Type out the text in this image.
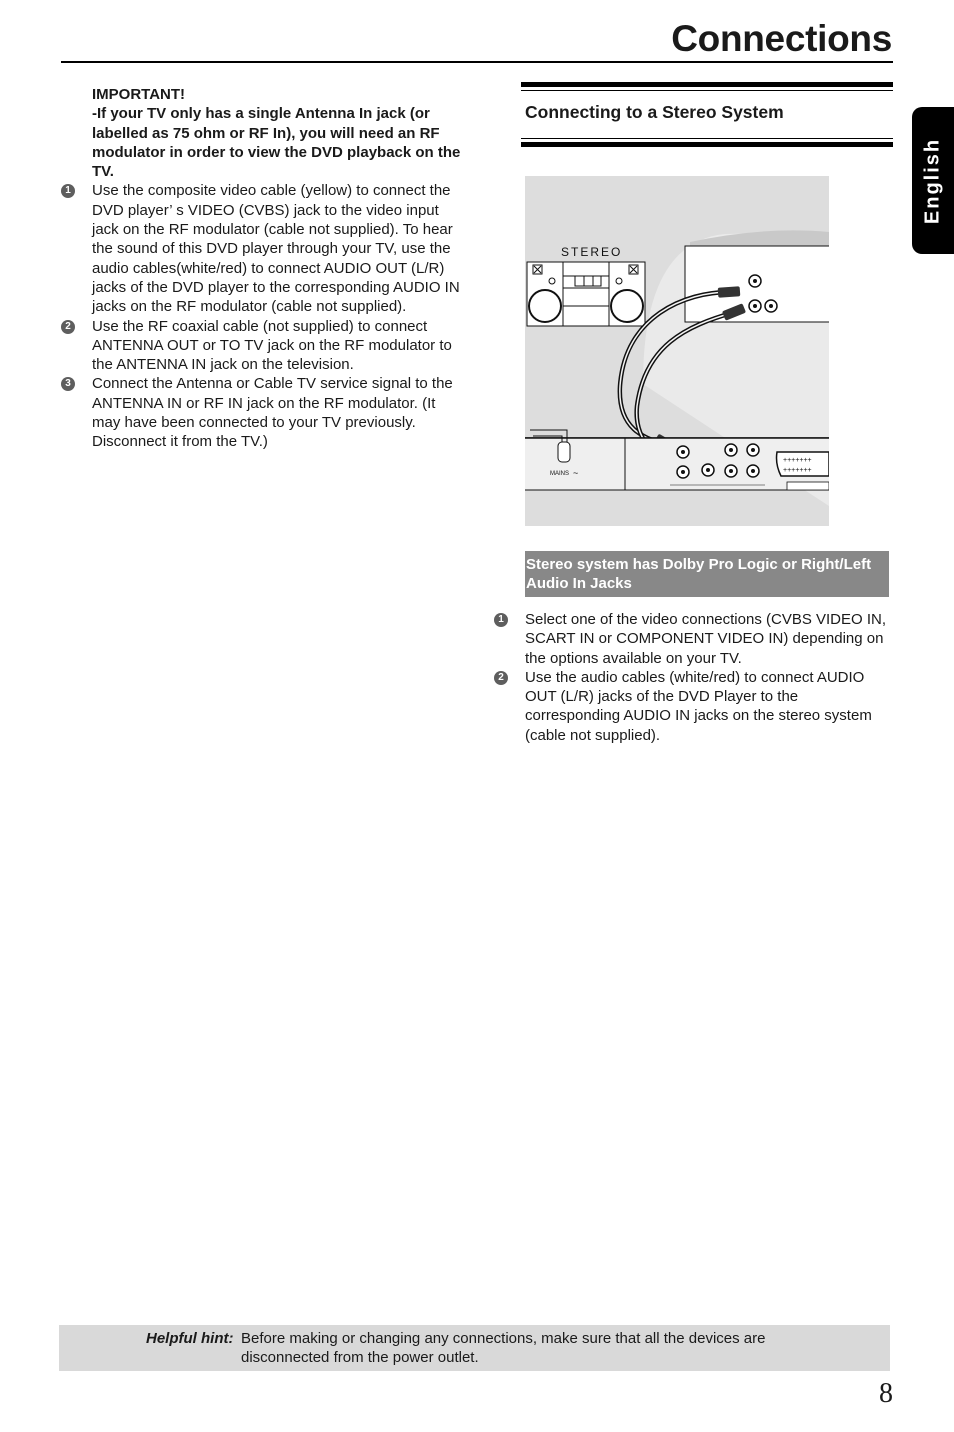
Connections
English
IMPORTANT!
-If your TV only has a single Antenna In jack (or labelled as 75 ohm or RF In), you will need an RF modulator in order to view the DVD playback on the TV.
1 Use the composite video cable (yellow) to connect the DVD player’ s VIDEO (CVBS) jack to the video input jack on the RF modulator (cable not supplied). To hear the sound of this DVD player through your TV, use the audio cables(white/red) to connect AUDIO OUT (L/R) jacks of the DVD player to the corresponding AUDIO IN jacks on the RF modulator (cable not supplied).
2 Use the RF coaxial cable (not supplied) to connect ANTENNA OUT or TO TV jack on the RF modulator to the ANTENNA IN jack on the television.
3 Connect the Antenna or Cable TV service signal to the ANTENNA IN or RF IN jack on the RF modulator. (It may have been connected to your TV previously. Disconnect it from the TV.)
Connecting to a Stereo System
STEREO
MAINS ~
+++++++
+++++++
Stereo system has Dolby Pro Logic or Right/Left Audio In Jacks
1 Select one of the video connections (CVBS VIDEO IN, SCART IN or COMPONENT VIDEO IN) depending on the options available on your TV.
2 Use the audio cables (white/red) to connect AUDIO OUT (L/R) jacks of the DVD Player to the corresponding AUDIO IN jacks on the stereo system (cable not supplied).
Helpful hint: Before making or changing any connections, make sure that all the devices are disconnected from the power outlet.
8
